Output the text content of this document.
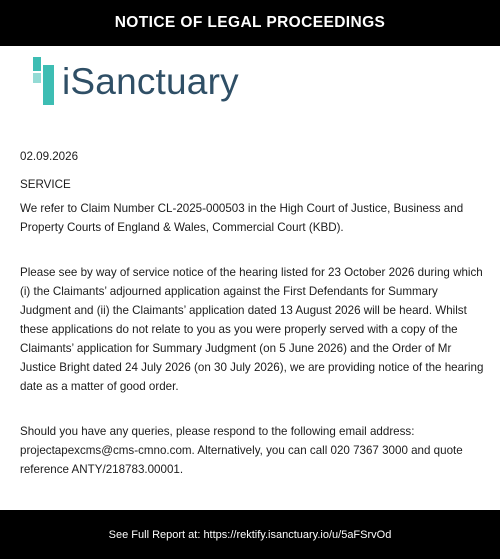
NOTICE OF LEGAL PROCEEDINGS
iSanctuary

02.09.2026

SERVICE

We refer to Claim Number CL-2025-000503 in the High Court of Justice, Business and Property Courts of England & Wales, Commercial Court (KBD).

Please see by way of service notice of the hearing listed for 23 October 2026 during which (i) the Claimants’ adjourned application against the First Defendants for Summary Judgment and (ii) the Claimants’ application dated 13 August 2026 will be heard. Whilst these applications do not relate to you as you were properly served with a copy of the Claimants’ application for Summary Judgment (on 5 June 2026) and the Order of Mr Justice Bright dated 24 July 2026 (on 30 July 2026), we are providing notice of the hearing date as a matter of good order.

Should you have any queries, please respond to the following email address: projectapexcms@cms-cmno.com. Alternatively, you can call 020 7367 3000 and quote reference ANTY/218783.00001.

See Full Report at: https://rektify.isanctuary.io/u/5aFSrvOd
